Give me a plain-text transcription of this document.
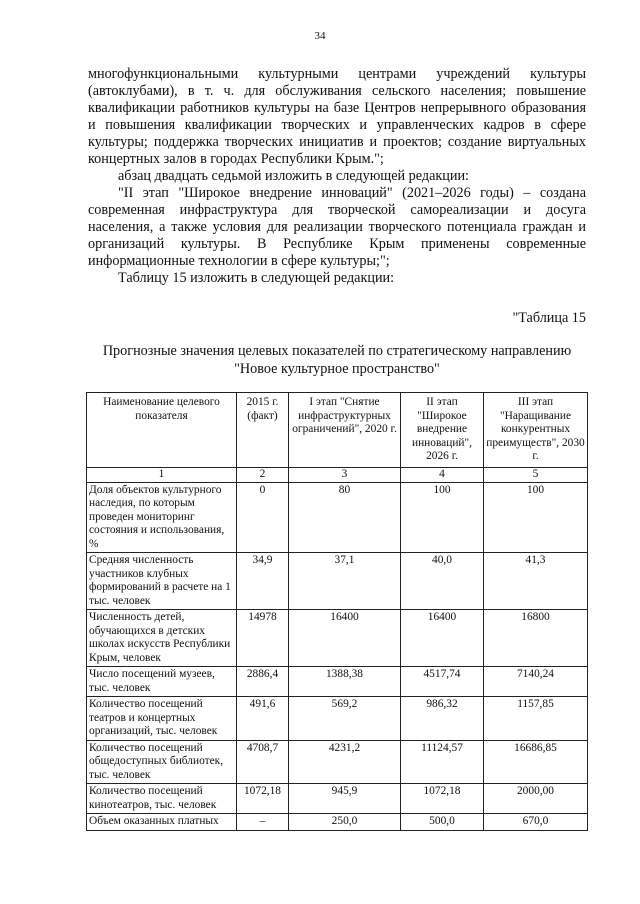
34

многофункциональными культурными центрами учреждений культуры (автоклубами), в т. ч. для обслуживания сельского населения; повышение квалификации работников культуры на базе Центров непрерывного образования и повышения квалификации творческих и управленческих кадров в сфере культуры; поддержка творческих инициатив и проектов; создание виртуальных концертных залов в городах Республики Крым.";

абзац двадцать седьмой изложить в следующей редакции:

"II этап "Широкое внедрение инноваций" (2021–2026 годы) – создана современная инфраструктура для творческой самореализации и досуга населения, а также условия для реализации творческого потенциала граждан и организаций культуры. В Республике Крым применены современные информационные технологии в сфере культуры;";

Таблицу 15 изложить в следующей редакции:

"Таблица 15
Прогнозные значения целевых показателей по стратегическому направлению "Новое культурное пространство"
Наименование целевого показателя	2015 г. (факт)	I этап "Снятие инфраструктурных ограничений", 2020 г.	II этап "Широкое внедрение инноваций", 2026 г.	III этап "Наращивание конкурентных преимуществ", 2030 г.
1	2	3	4	5
Доля объектов культурного наследия, по которым проведен мониторинг состояния и использования, %	0	80	100	100
Средняя численность участников клубных формирований в расчете на 1 тыс. человек	34,9	37,1	40,0	41,3
Численность детей, обучающихся в детских школах искусств Республики Крым, человек	14978	16400	16400	16800
Число посещений музеев, тыс. человек	2886,4	1388,38	4517,74	7140,24
Количество посещений театров и концертных организаций, тыс. человек	491,6	569,2	986,32	1157,85
Количество посещений общедоступных библиотек, тыс. человек	4708,7	4231,2	11124,57	16686,85
Количество посещений кинотеатров, тыс. человек	1072,18	945,9	1072,18	2000,00
Объем оказанных платных	–	250,0	500,0	670,0
